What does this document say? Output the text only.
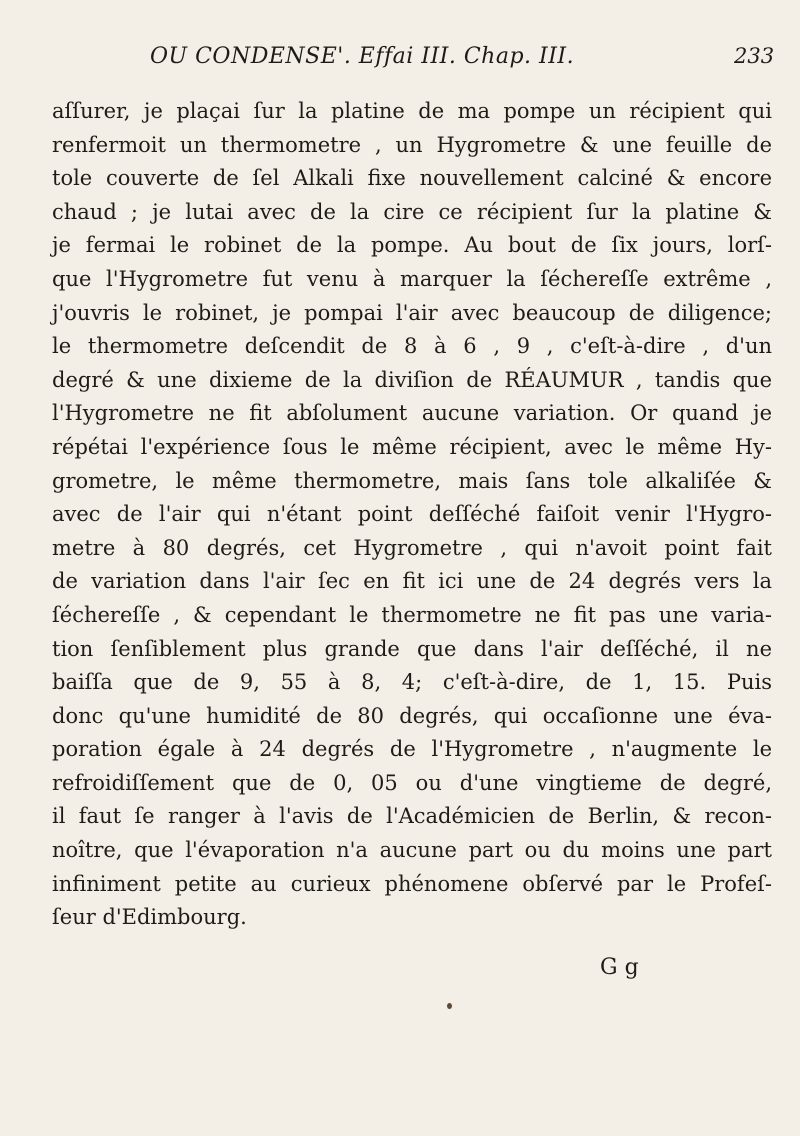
OU CONDENSE'. Effai III. Chap. III.	233
aſſurer, je plaçai ſur la platine de ma pompe un récipient qui
renfermoit un thermometre , un Hygrometre & une feuille de
tole couverte de ſel Alkali fixe nouvellement calciné & encore
chaud ; je lutai avec de la cire ce récipient ſur la platine &
je fermai le robinet de la pompe. Au bout de ſix jours, lorſ-
que l'Hygrometre fut venu à marquer la ſéchereſſe extrême ,
j'ouvris le robinet, je pompai l'air avec beaucoup de diligence;
le thermometre deſcendit de 8 à 6 , 9 , c'eſt-à-dire , d'un
degré & une dixieme de la diviſion de RÉAUMUR , tandis que
l'Hygrometre ne fit abſolument aucune variation. Or quand je
répétai l'expérience ſous le même récipient, avec le même Hy-
grometre, le même thermometre, mais ſans tole alkaliſée &
avec de l'air qui n'étant point deſſéché faiſoit venir l'Hygro-
metre à 80 degrés, cet Hygrometre , qui n'avoit point fait
de variation dans l'air ſec en fit ici une de 24 degrés vers la
ſéchereſſe , & cependant le thermometre ne fit pas une varia-
tion ſenſiblement plus grande que dans l'air deſſéché, il ne
baiſſa que de 9, 55 à 8, 4; c'eſt-à-dire, de 1, 15. Puis
donc qu'une humidité de 80 degrés, qui occaſionne une éva-
poration égale à 24 degrés de l'Hygrometre , n'augmente le
refroidiſſement que de 0, 05 ou d'une vingtieme de degré,
il faut ſe ranger à l'avis de l'Académicien de Berlin, & recon-
noître, que l'évaporation n'a aucune part ou du moins une part
infiniment petite au curieux phénomene obſervé par le Profeſ-
ſeur d'Edimbourg.
G g
